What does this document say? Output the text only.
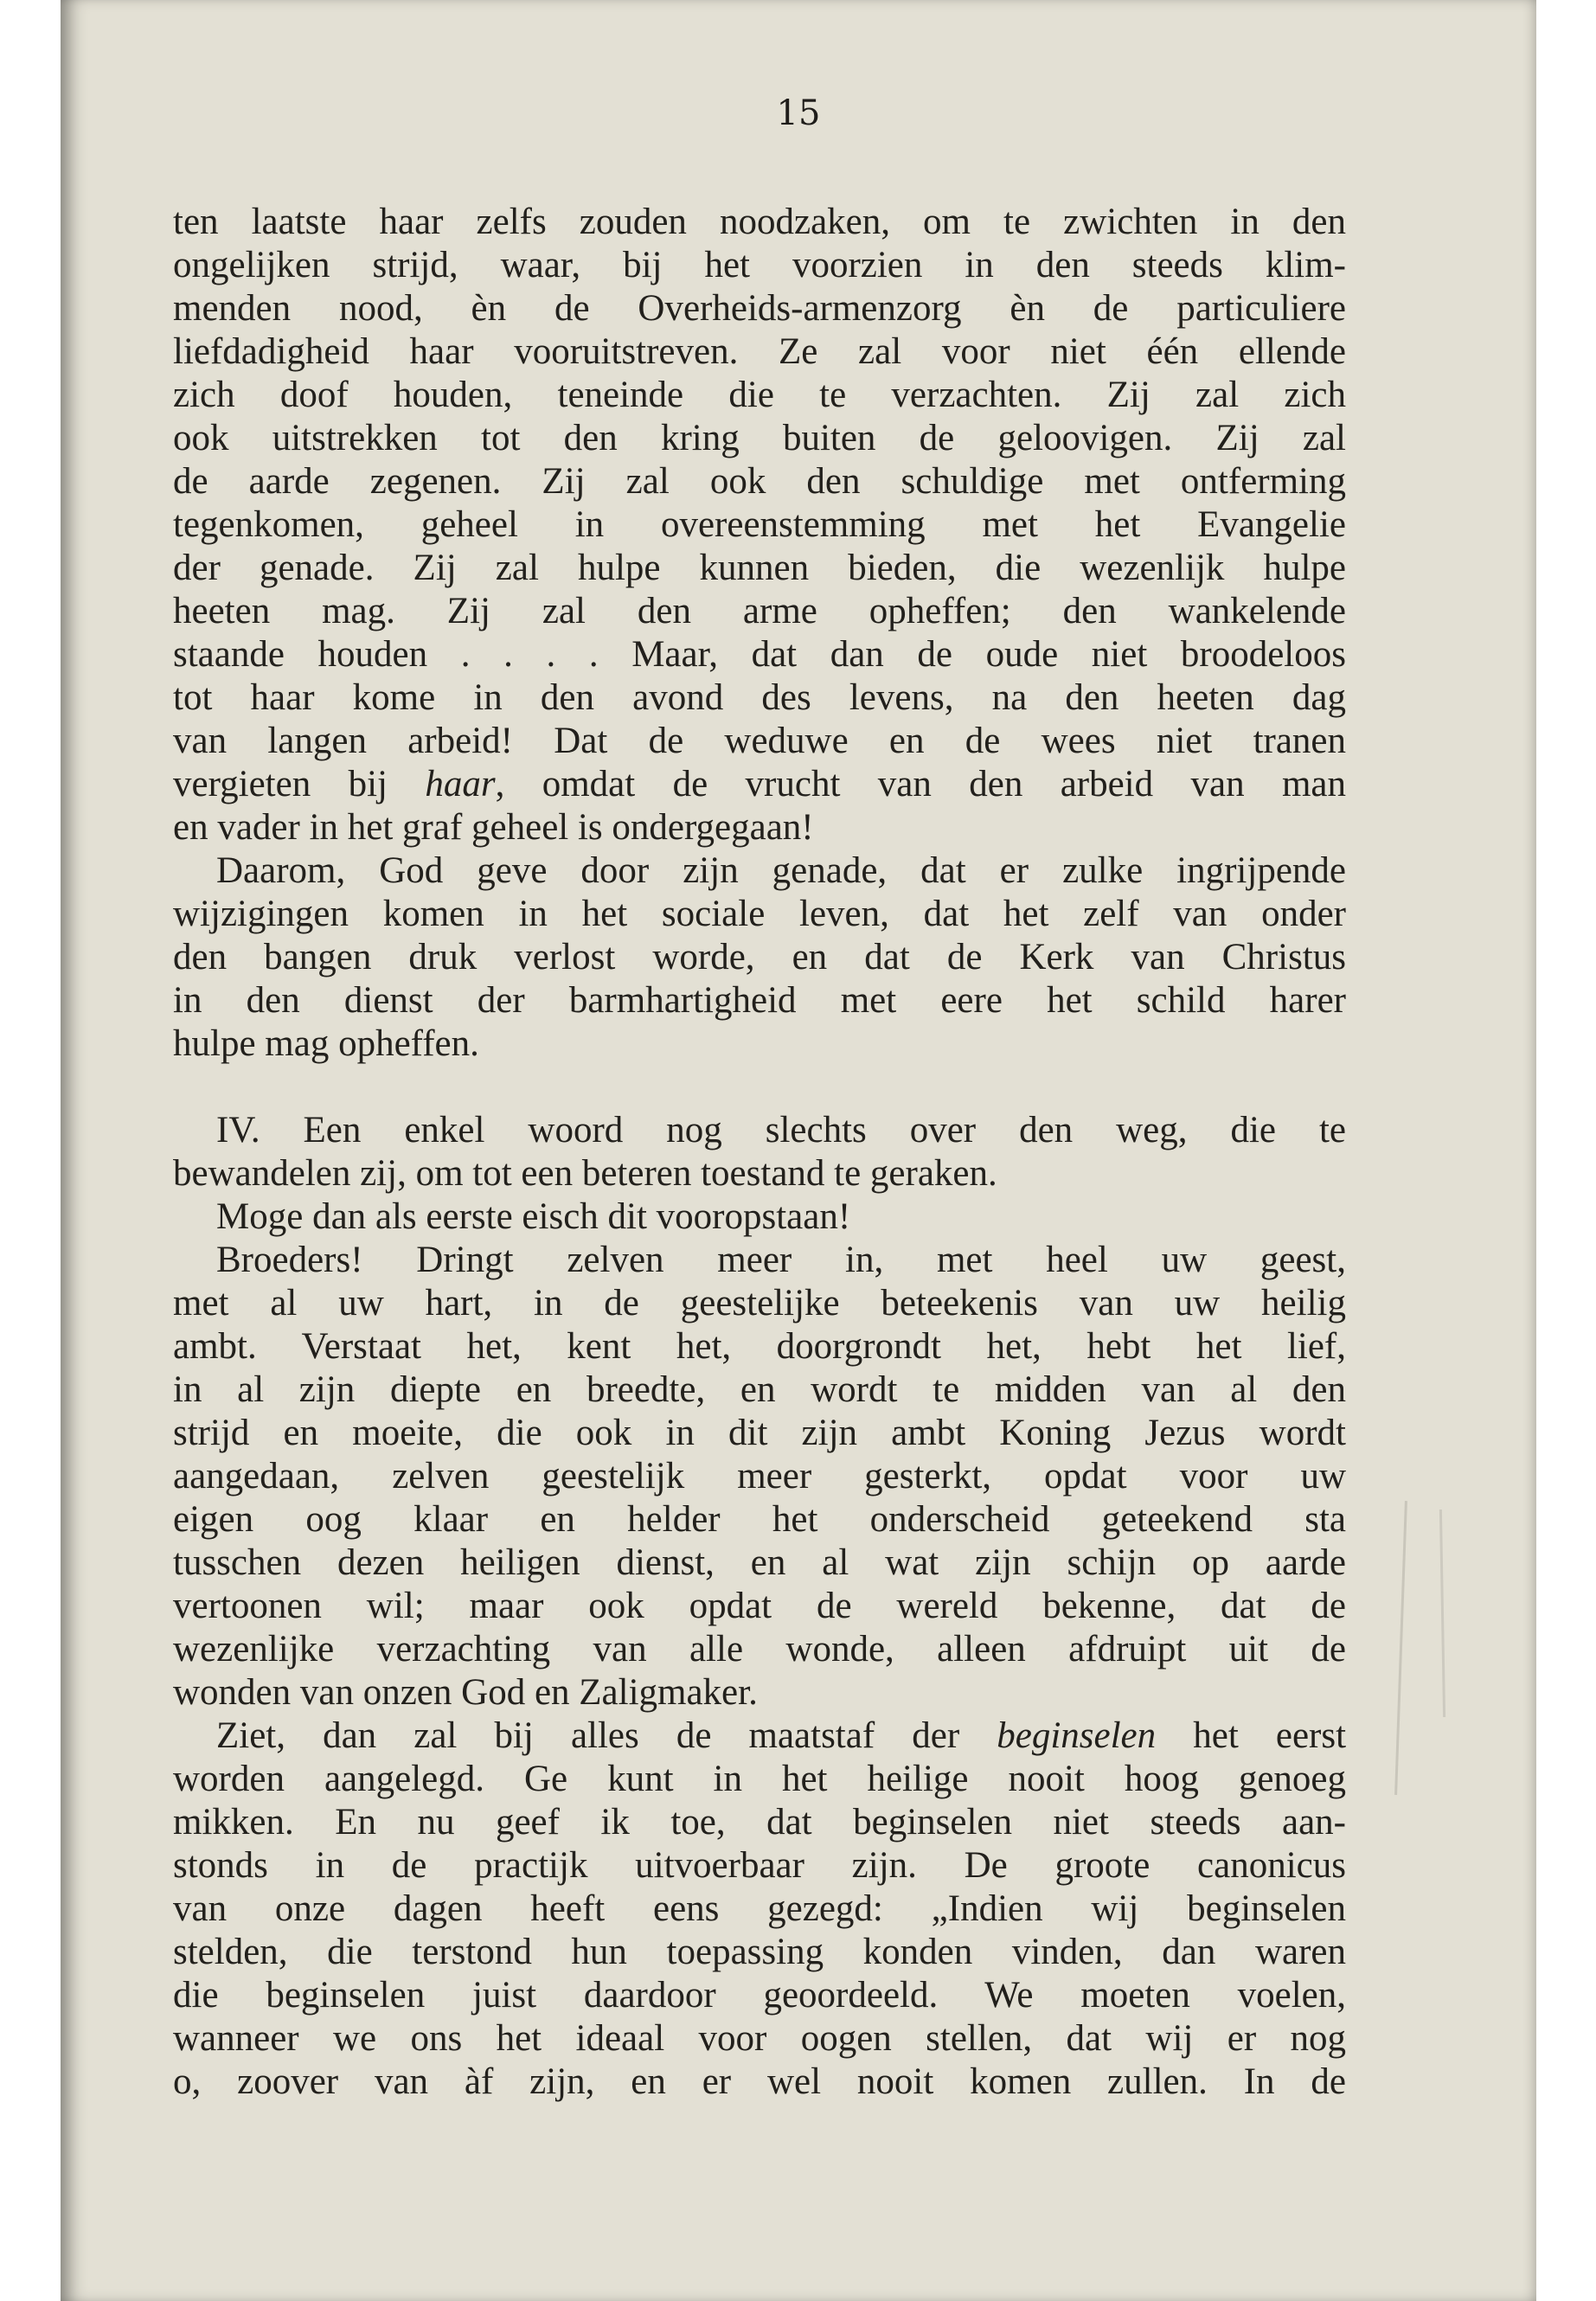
15

ten laatste haar zelfs zouden noodzaken, om te zwichten in den
ongelijken strijd, waar, bij het voorzien in den steeds klim-
menden nood, èn de Overheids-armenzorg èn de particuliere
liefdadigheid haar vooruitstreven. Ze zal voor niet één ellende
zich doof houden, teneinde die te verzachten. Zij zal zich
ook uitstrekken tot den kring buiten de geloovigen. Zij zal
de aarde zegenen. Zij zal ook den schuldige met ontferming
tegenkomen, geheel in overeenstemming met het Evangelie
der genade. Zij zal hulpe kunnen bieden, die wezenlijk hulpe
heeten mag. Zij zal den arme opheffen; den wankelende
staande houden . . . . Maar, dat dan de oude niet broodeloos
tot haar kome in den avond des levens, na den heeten dag
van langen arbeid! Dat de weduwe en de wees niet tranen
vergieten bij haar, omdat de vrucht van den arbeid van man
en vader in het graf geheel is ondergegaan!

Daarom, God geve door zijn genade, dat er zulke ingrijpende
wijzigingen komen in het sociale leven, dat het zelf van onder
den bangen druk verlost worde, en dat de Kerk van Christus
in den dienst der barmhartigheid met eere het schild harer
hulpe mag opheffen.

IV. Een enkel woord nog slechts over den weg, die te
bewandelen zij, om tot een beteren toestand te geraken.

Moge dan als eerste eisch dit vooropstaan!

Broeders! Dringt zelven meer in, met heel uw geest,
met al uw hart, in de geestelijke beteekenis van uw heilig
ambt. Verstaat het, kent het, doorgrondt het, hebt het lief,
in al zijn diepte en breedte, en wordt te midden van al den
strijd en moeite, die ook in dit zijn ambt Koning Jezus wordt
aangedaan, zelven geestelijk meer gesterkt, opdat voor uw
eigen oog klaar en helder het onderscheid geteekend sta
tusschen dezen heiligen dienst, en al wat zijn schijn op aarde
vertoonen wil; maar ook opdat de wereld bekenne, dat de
wezenlijke verzachting van alle wonde, alleen afdruipt uit de
wonden van onzen God en Zaligmaker.

Ziet, dan zal bij alles de maatstaf der beginselen het eerst
worden aangelegd. Ge kunt in het heilige nooit hoog genoeg
mikken. En nu geef ik toe, dat beginselen niet steeds aan-
stonds in de practijk uitvoerbaar zijn. De groote canonicus
van onze dagen heeft eens gezegd: „Indien wij beginselen
stelden, die terstond hun toepassing konden vinden, dan waren
die beginselen juist daardoor geoordeeld. We moeten voelen,
wanneer we ons het ideaal voor oogen stellen, dat wij er nog
o, zoover van àf zijn, en er wel nooit komen zullen. In de
